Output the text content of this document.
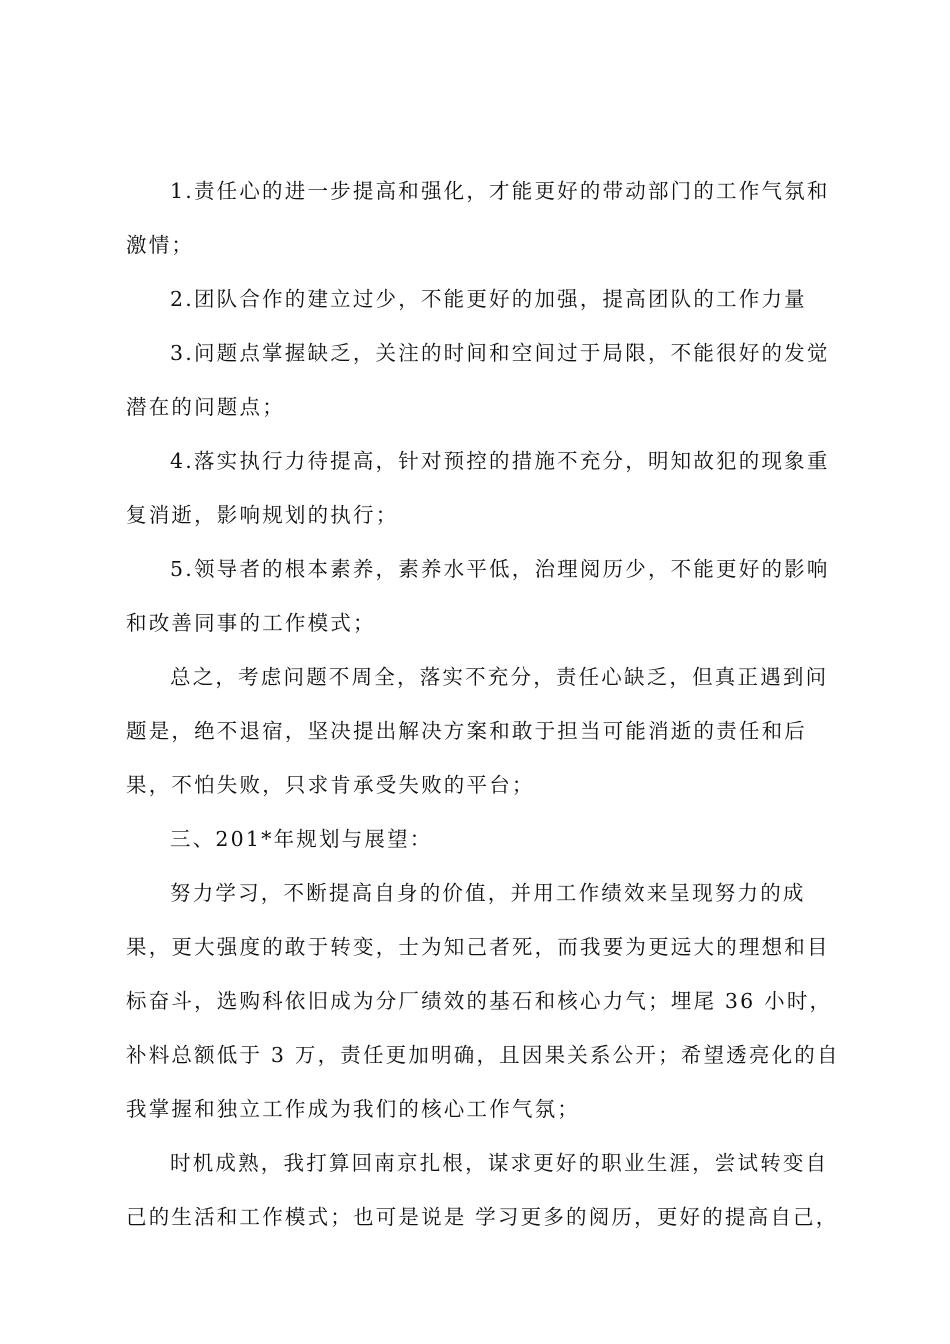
1.责任心的进一步提高和强化，才能更好的带动部门的工作气氛和
激情；
2.团队合作的建立过少，不能更好的加强，提高团队的工作力量
3.问题点掌握缺乏，关注的时间和空间过于局限，不能很好的发觉
潜在的问题点；
4.落实执行力待提高，针对预控的措施不充分，明知故犯的现象重
复消逝，影响规划的执行；
5.领导者的根本素养，素养水平低，治理阅历少，不能更好的影响
和改善同事的工作模式；
总之，考虑问题不周全，落实不充分，责任心缺乏，但真正遇到问
题是，绝不退宿，坚决提出解决方案和敢于担当可能消逝的责任和后
果，不怕失败，只求肯承受失败的平台；
三、201*年规划与展望：
努力学习，不断提高自身的价值，并用工作绩效来呈现努力的成
果，更大强度的敢于转变，士为知己者死，而我要为更远大的理想和目
标奋斗，选购科依旧成为分厂绩效的基石和核心力气；埋尾 36 小时，
补料总额低于 3 万，责任更加明确，且因果关系公开；希望透亮化的自
我掌握和独立工作成为我们的核心工作气氛；
时机成熟，我打算回南京扎根，谋求更好的职业生涯，尝试转变自
己的生活和工作模式；也可是说是 学习更多的阅历，更好的提高自己，
